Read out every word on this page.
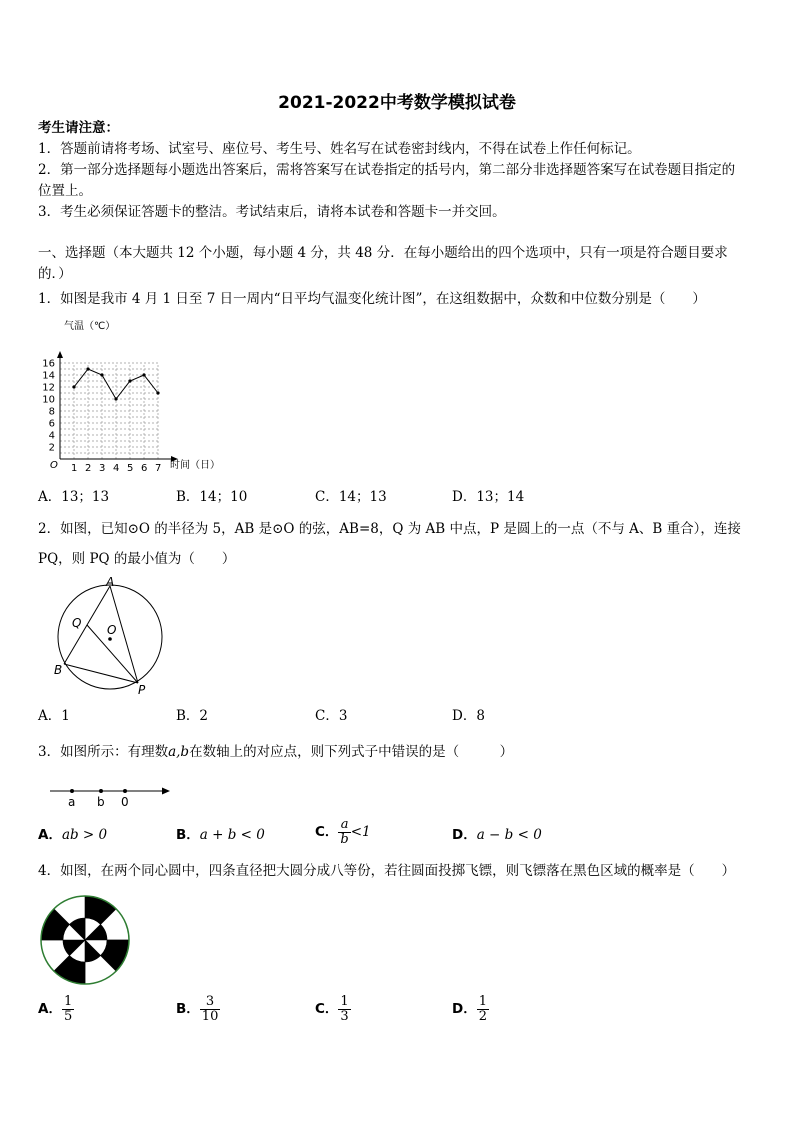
2021-2022中考数学模拟试卷
考生请注意：
1．答题前请将考场、试室号、座位号、考生号、姓名写在试卷密封线内，不得在试卷上作任何标记。
2．第一部分选择题每小题选出答案后，需将答案写在试卷指定的括号内，第二部分非选择题答案写在试卷题目指定的
位置上。
3．考生必须保证答题卡的整洁。考试结束后，请将本试卷和答题卡一并交回。
一、选择题（本大题共 12 个小题，每小题 4 分，共 48 分．在每小题给出的四个选项中，只有一项是符合题目要求
的．）
1．如图是我市 4 月 1 日至 7 日一周内“日平均气温变化统计图”，在这组数据中，众数和中位数分别是（　　）
1 2 3 4 5 6 7
2
4
6
8
10
12
14
16
气温（℃）
时间（日）
O
A．13；13	B．14；10	C．14；13	D．13；14
2．如图，已知⊙O 的半径为 5，AB 是⊙O 的弦，AB=8，Q 为 AB 中点，P 是圆上的一点（不与 A、B 重合），连接
PQ，则 PQ 的最小值为（　　）
A
Q O
B
P
A．1	B．2	C．3	D．8
3．如图所示：有理数a,b在数轴上的对应点，则下列式子中错误的是（　　　）
a b 0
A．ab > 0	B．a + b < 0	C． $\frac{a}{b} <1$	D．a − b < 0
4．如图，在两个同心圆中，四条直径把大圆分成八等份，若往圆面投掷飞镖，则飞镖落在黑色区域的概率是（　　）
A． $\frac{1}{5}$	B． $\frac{3}{10}$	C． $\frac{1}{3}$	D． $\frac{1}{2}$
